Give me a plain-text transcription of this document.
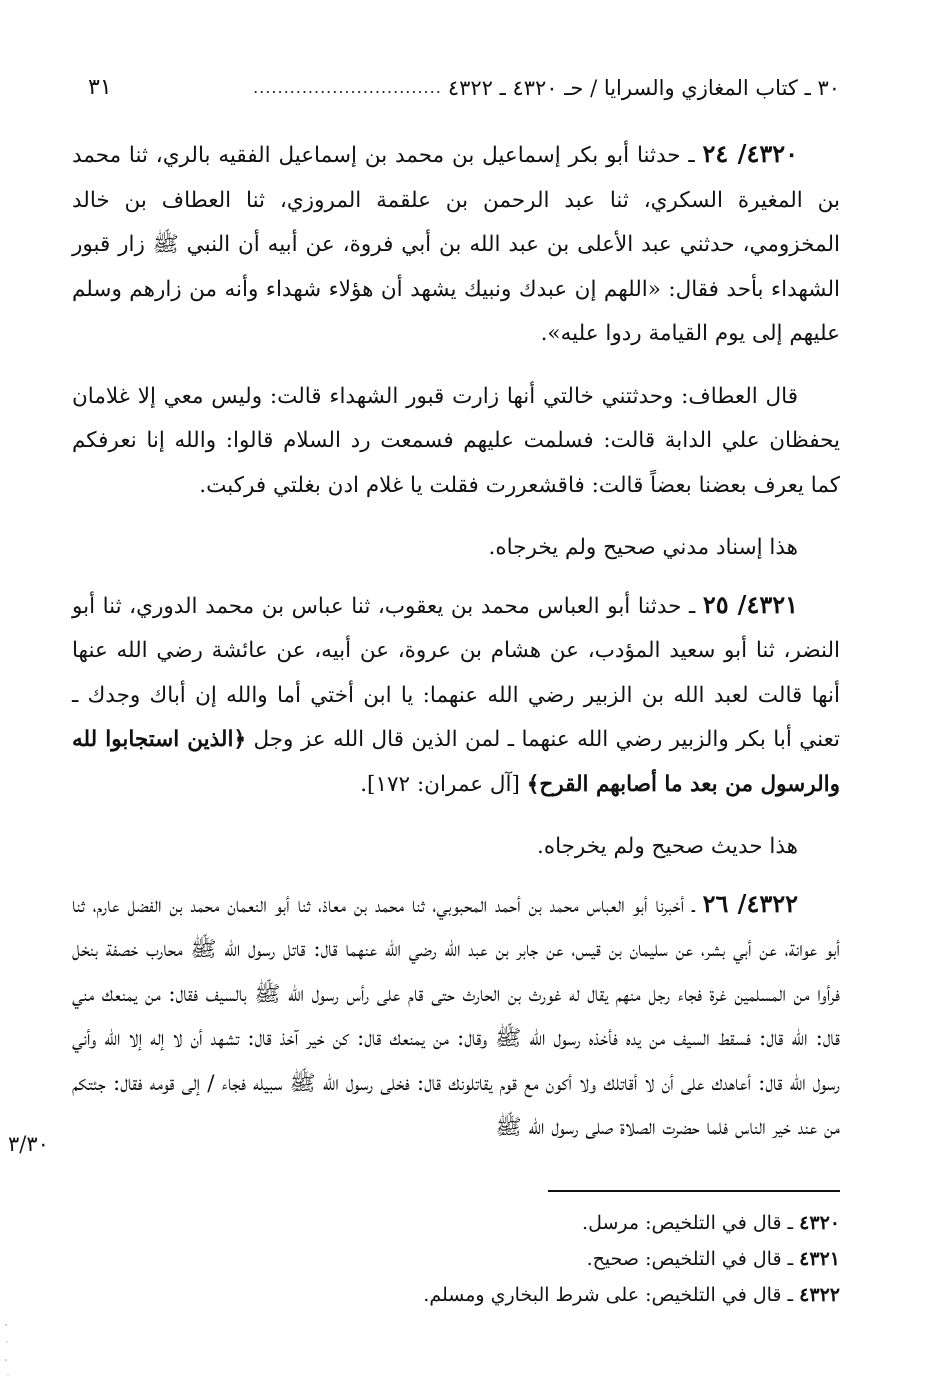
٣٠ ـ كتاب المغازي والسرايا / حـ ٤٣٢٠ ـ ٤٣٢٢
...............................
٣١

٤٣٢٠/ ٢٤ ـ حدثنا أبو بكر إسماعيل بن محمد بن إسماعيل الفقيه بالري، ثنا محمد بن المغيرة السكري، ثنا عبد الرحمن بن علقمة المروزي، ثنا العطاف بن خالد المخزومي، حدثني عبد الأعلى بن عبد الله بن أبي فروة، عن أبيه أن النبي ﷺ زار قبور الشهداء بأحد فقال: «اللهم إن عبدك ونبيك يشهد أن هؤلاء شهداء وأنه من زارهم وسلم عليهم إلى يوم القيامة ردوا عليه».

قال العطاف: وحدثتني خالتي أنها زارت قبور الشهداء قالت: وليس معي إلا غلامان يحفظان علي الدابة قالت: فسلمت عليهم فسمعت رد السلام قالوا: والله إنا نعرفكم كما يعرف بعضنا بعضاً قالت: فاقشعررت فقلت يا غلام ادن بغلتي فركبت.

هذا إسناد مدني صحيح ولم يخرجاه.

٤٣٢١/ ٢٥ ـ حدثنا أبو العباس محمد بن يعقوب، ثنا عباس بن محمد الدوري، ثنا أبو النضر، ثنا أبو سعيد المؤدب، عن هشام بن عروة، عن أبيه، عن عائشة رضي الله عنها أنها قالت لعبد الله بن الزبير رضي الله عنهما: يا ابن أختي أما والله إن أباك وجدك ـ تعني أبا بكر والزبير رضي الله عنهما ـ لمن الذين قال الله عز وجل ﴿الذين استجابوا لله والرسول من بعد ما أصابهم القرح﴾ [آل عمران: ١٧٢].

هذا حديث صحيح ولم يخرجاه.

٤٣٢٢/ ٢٦ ـ أخبرنا أبو العباس محمد بن أحمد المحبوبي، ثنا محمد بن معاذ، ثنا أبو النعمان محمد بن الفضل عارم، ثنا أبو عوانة، عن أبي بشر، عن سليمان بن قيس، عن جابر بن عبد الله رضي الله عنهما قال: قاتل رسول الله ﷺ محارب خصفة بنخل فرأوا من المسلمين غرة فجاء رجل منهم يقال له غورث بن الحارث حتى قام على رأس رسول الله ﷺ بالسيف فقال: من يمنعك مني قال: الله قال: فسقط السيف من يده فأخذه رسول الله ﷺ وقال: من يمنعك قال: كن خير آخذ قال: تشهد أن لا إله إلا الله وأني رسول الله قال: أعاهدك على أن لا أقاتلك ولا أكون مع قوم يقاتلونك قال: فخلى رسول الله ﷺ سبيله فجاء / إلى قومه فقال: جئتكم من عند خير الناس فلما حضرت الصلاة صلى رسول الله ﷺ

٣/٣٠
٤٣٢٠ ـ قال في التلخيص: مرسل.
٤٣٢١ ـ قال في التلخيص: صحيح.
٤٣٢٢ ـ قال في التلخيص: على شرط البخاري ومسلم.
